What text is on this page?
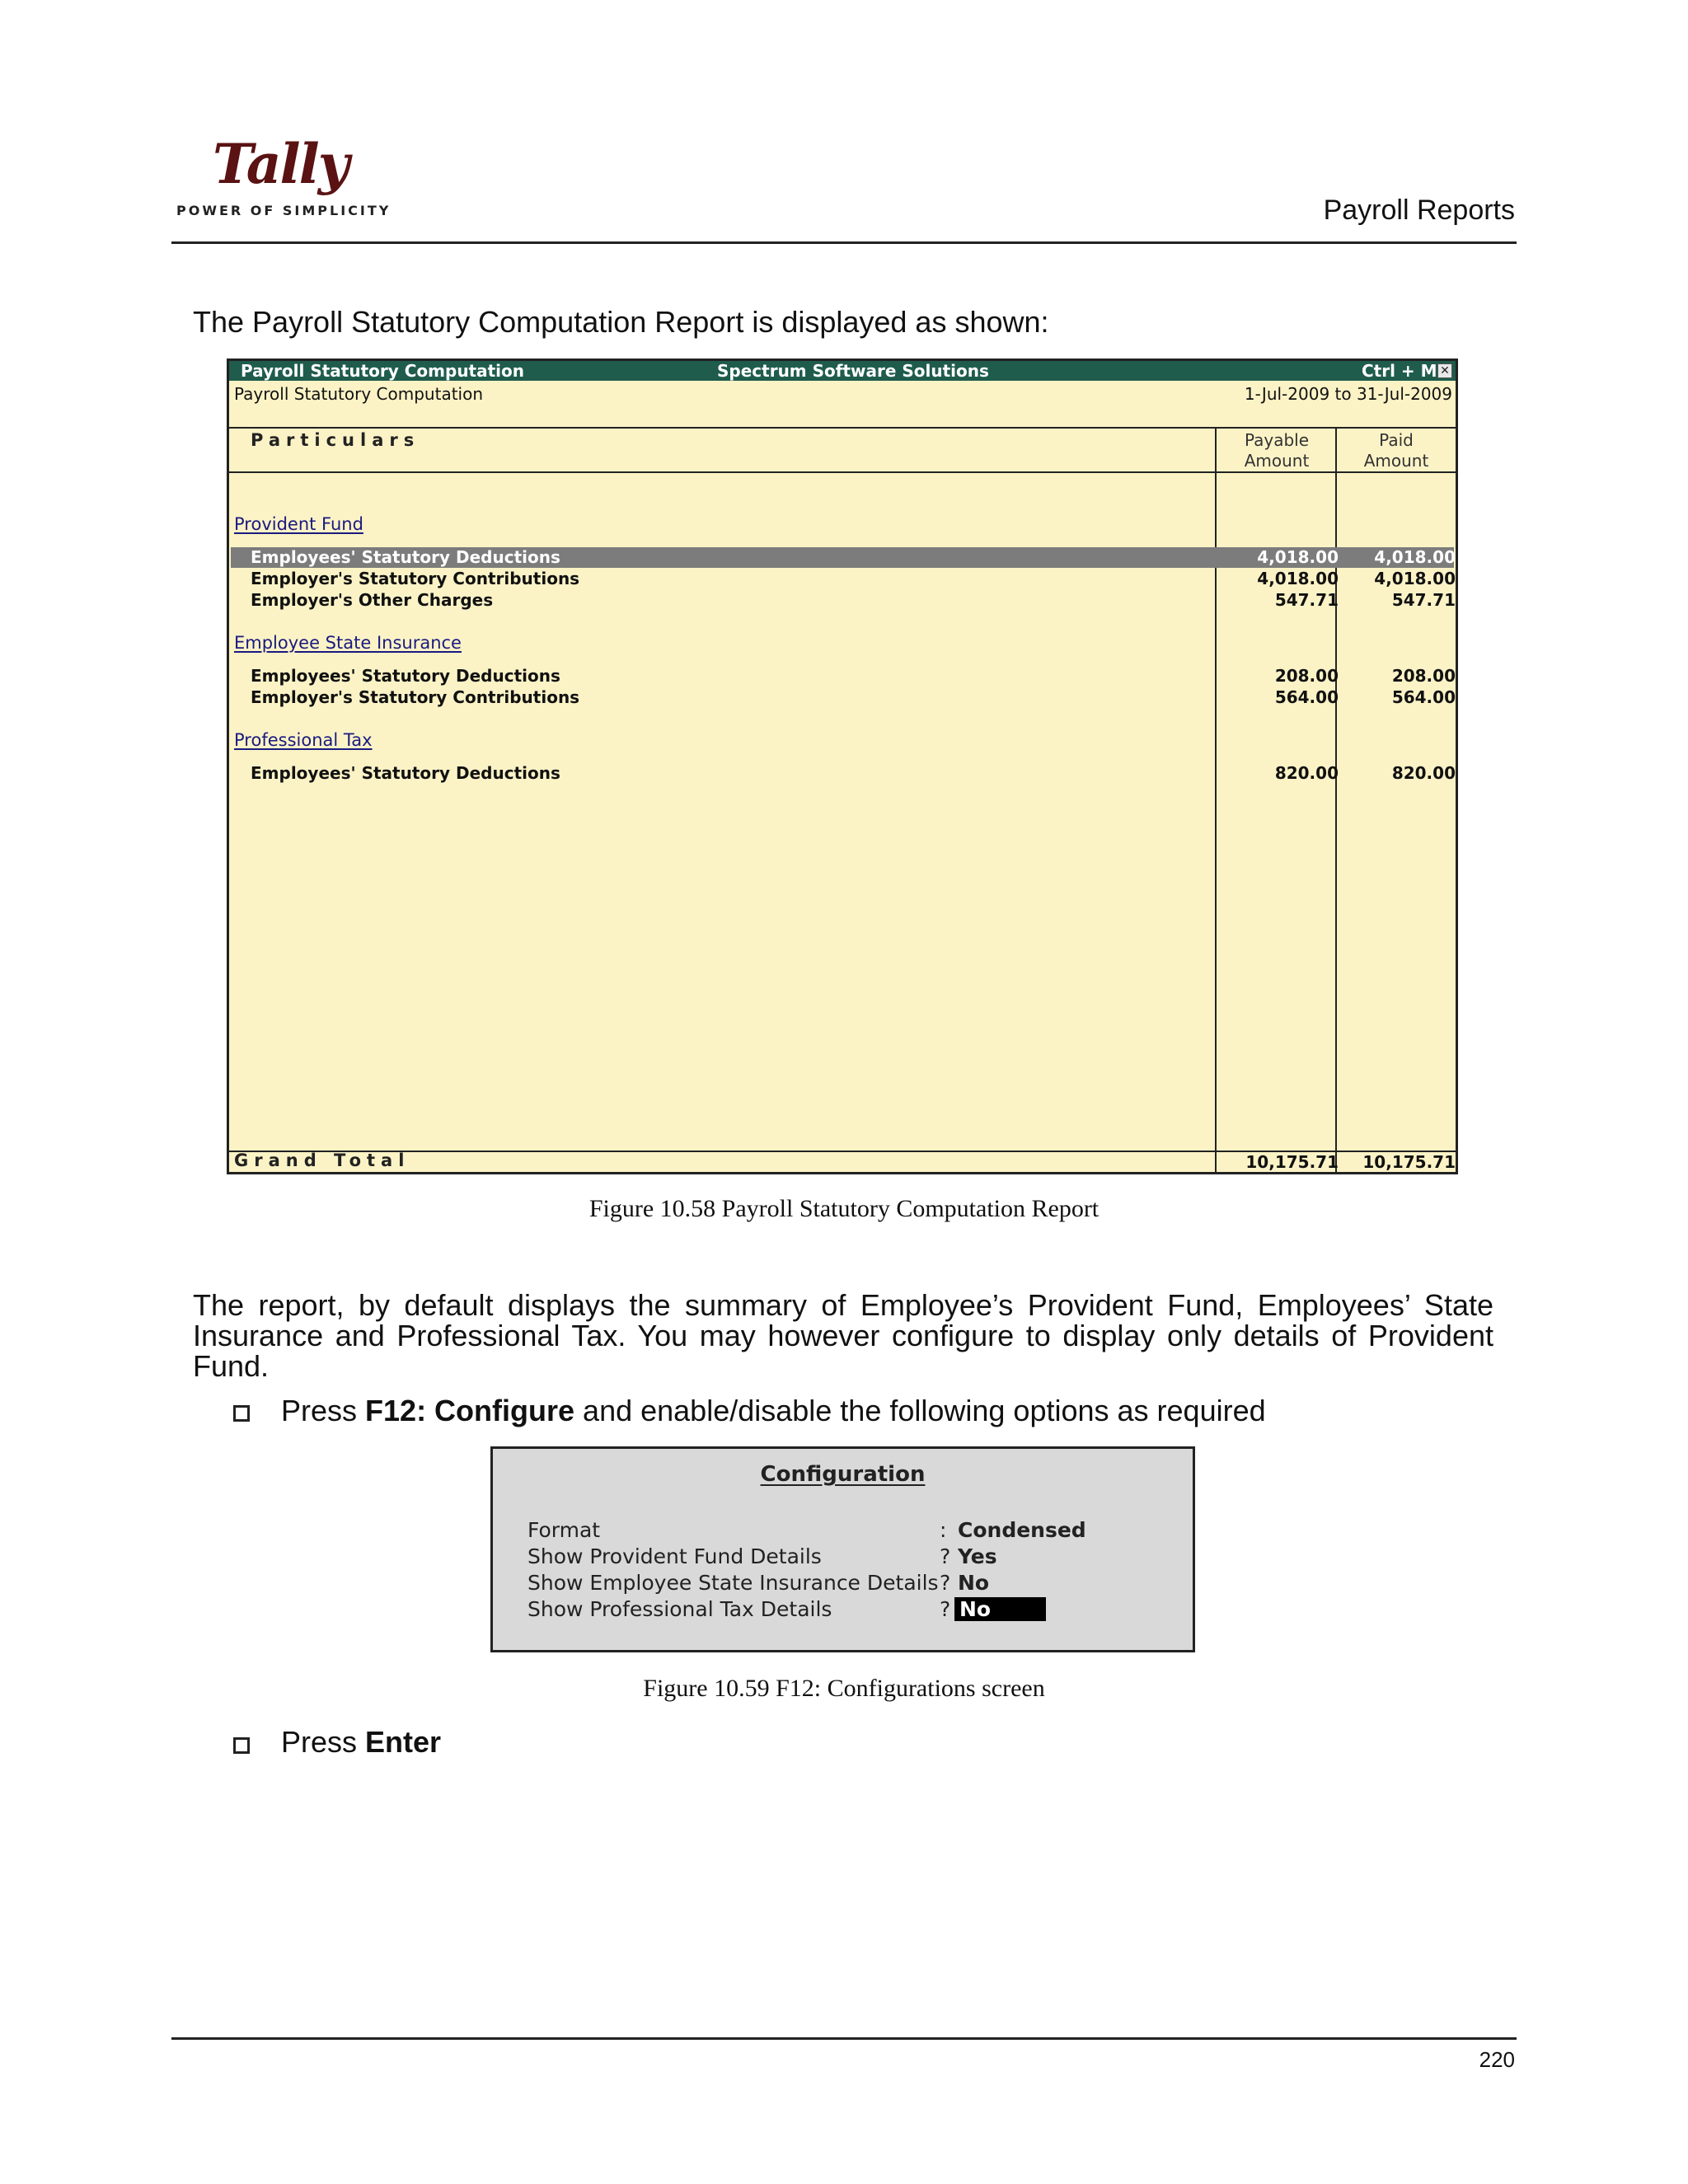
Tally
POWER OF SIMPLICITY	Payroll Reports
The Payroll Statutory Computation Report is displayed as shown:
Payroll Statutory Computation	Spectrum Software Solutions	Ctrl + M ✕
Payroll Statutory Computation	1-Jul-2009 to 31-Jul-2009
Particulars	Payable
Amount
Paid
Amount
Provident Fund
Employees' Statutory Deductions	4,018.00	4,018.00
Employer's Statutory Contributions	4,018.00	4,018.00
Employer's Other Charges	547.71	547.71
Employee State Insurance
Employees' Statutory Deductions	208.00	208.00
Employer's Statutory Contributions	564.00	564.00
Professional Tax
Employees' Statutory Deductions	820.00	820.00
Grand Total	10,175.71	10,175.71
Figure 10.58 Payroll Statutory Computation Report
The report, by default displays the summary of Employee’s Provident Fund, Employees’ State Insurance and Professional Tax. You may however configure to display only details of Provident Fund.
Press F12: Configure and enable/disable the following options as required
Configuration
Format	: Condensed
Show Provident Fund Details	? Yes
Show Employee State Insurance Details ? No
Show Professional Tax Details	? No
Figure 10.59 F12: Configurations screen
Press Enter
220
